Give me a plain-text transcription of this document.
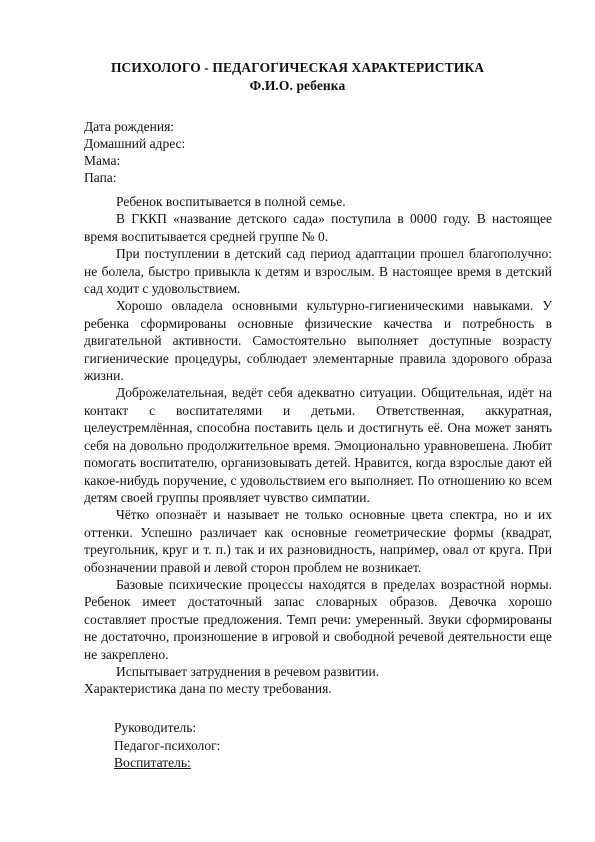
ПСИХОЛОГО - ПЕДАГОГИЧЕСКАЯ ХАРАКТЕРИСТИКА
Ф.И.О. ребенка
Дата рождения:
Домашний адрес:
Мама:
Папа:

Ребенок воспитывается в полной семье.

В ГККП «название детского сада» поступила в 0000 году. В настоящее время воспитывается средней группе № 0.

При поступлении в детский сад период адаптации прошел благополучно: не болела, быстро привыкла к детям и взрослым. В настоящее время в детский сад ходит с удовольствием.

Хорошо овладела основными культурно-гигиеническими навыками. У ребенка сформированы основные физические качества и потребность в двигательной активности. Самостоятельно выполняет доступные возрасту гигиенические процедуры, соблюдает элементарные правила здорового образа жизни.

Доброжелательная, ведёт себя адекватно ситуации. Общительная, идёт на контакт с воспитателями и детьми. Ответственная, аккуратная, целеустремлённая, способна поставить цель и достигнуть её. Она может занять себя на довольно продолжительное время. Эмоционально уравновешена. Любит помогать воспитателю, организовывать детей. Нравится, когда взрослые дают ей какое-нибудь поручение, с удовольствием его выполняет. По отношению ко всем детям своей группы проявляет чувство симпатии.

Чётко опознаёт и называет не только основные цвета спектра, но и их оттенки. Успешно различает как основные геометрические формы (квадрат, треугольник, круг и т. п.) так и их разновидность, например, овал от круга. При обозначении правой и левой сторон проблем не возникает.

Базовые психические процессы находятся в пределах возрастной нормы. Ребенок имеет достаточный запас словарных образов. Девочка хорошо составляет простые предложения. Темп речи: умеренный. Звуки сформированы не достаточно, произношение в игровой и свободной речевой деятельности еще не закреплено.

Испытывает затруднения в речевом развитии.

Характеристика дана по месту требования.

Руководитель:
Педагог-психолог:
Воспитатель:
